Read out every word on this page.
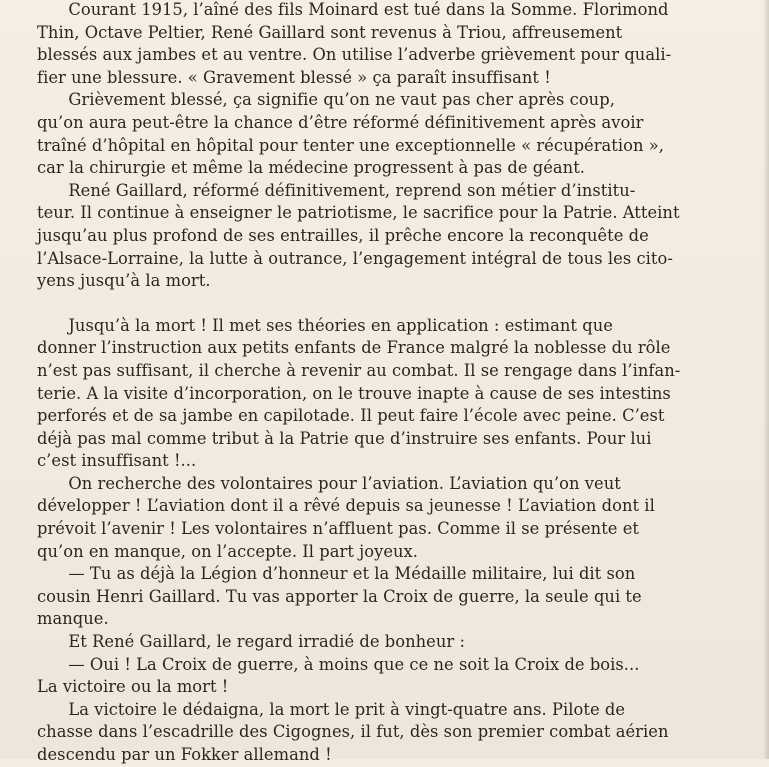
Courant 1915, l’aîné des fils Moinard est tué dans la Somme. Florimond
Thin, Octave Peltier, René Gaillard sont revenus à Triou, affreusement
blessés aux jambes et au ventre. On utilise l’adverbe grièvement pour quali-
fier une blessure. « Gravement blessé » ça paraît insuffisant !

Grièvement blessé, ça signifie qu’on ne vaut pas cher après coup,
qu’on aura peut-être la chance d’être réformé définitivement après avoir
traîné d’hôpital en hôpital pour tenter une exceptionnelle « récupération »,
car la chirurgie et même la médecine progressent à pas de géant.

René Gaillard, réformé définitivement, reprend son métier d’institu-
teur. Il continue à enseigner le patriotisme, le sacrifice pour la Patrie. Atteint
jusqu’au plus profond de ses entrailles, il prêche encore la reconquête de
l’Alsace-Lorraine, la lutte à outrance, l’engagement intégral de tous les cito-
yens jusqu’à la mort.

Jusqu’à la mort ! Il met ses théories en application : estimant que
donner l’instruction aux petits enfants de France malgré la noblesse du rôle
n’est pas suffisant, il cherche à revenir au combat. Il se rengage dans l’infan-
terie. A la visite d’incorporation, on le trouve inapte à cause de ses intestins
perforés et de sa jambe en capilotade. Il peut faire l’école avec peine. C’est
déjà pas mal comme tribut à la Patrie que d’instruire ses enfants. Pour lui
c’est insuffisant !...

On recherche des volontaires pour l’aviation. L’aviation qu’on veut
développer ! L’aviation dont il a rêvé depuis sa jeunesse ! L’aviation dont il
prévoit l’avenir ! Les volontaires n’affluent pas. Comme il se présente et
qu’on en manque, on l’accepte. Il part joyeux.

— Tu as déjà la Légion d’honneur et la Médaille militaire, lui dit son
cousin Henri Gaillard. Tu vas apporter la Croix de guerre, la seule qui te
manque.

Et René Gaillard, le regard irradié de bonheur :

— Oui ! La Croix de guerre, à moins que ce ne soit la Croix de bois...
La victoire ou la mort !

La victoire le dédaigna, la mort le prit à vingt-quatre ans. Pilote de
chasse dans l’escadrille des Cigognes, il fut, dès son premier combat aérien
descendu par un Fokker allemand !
